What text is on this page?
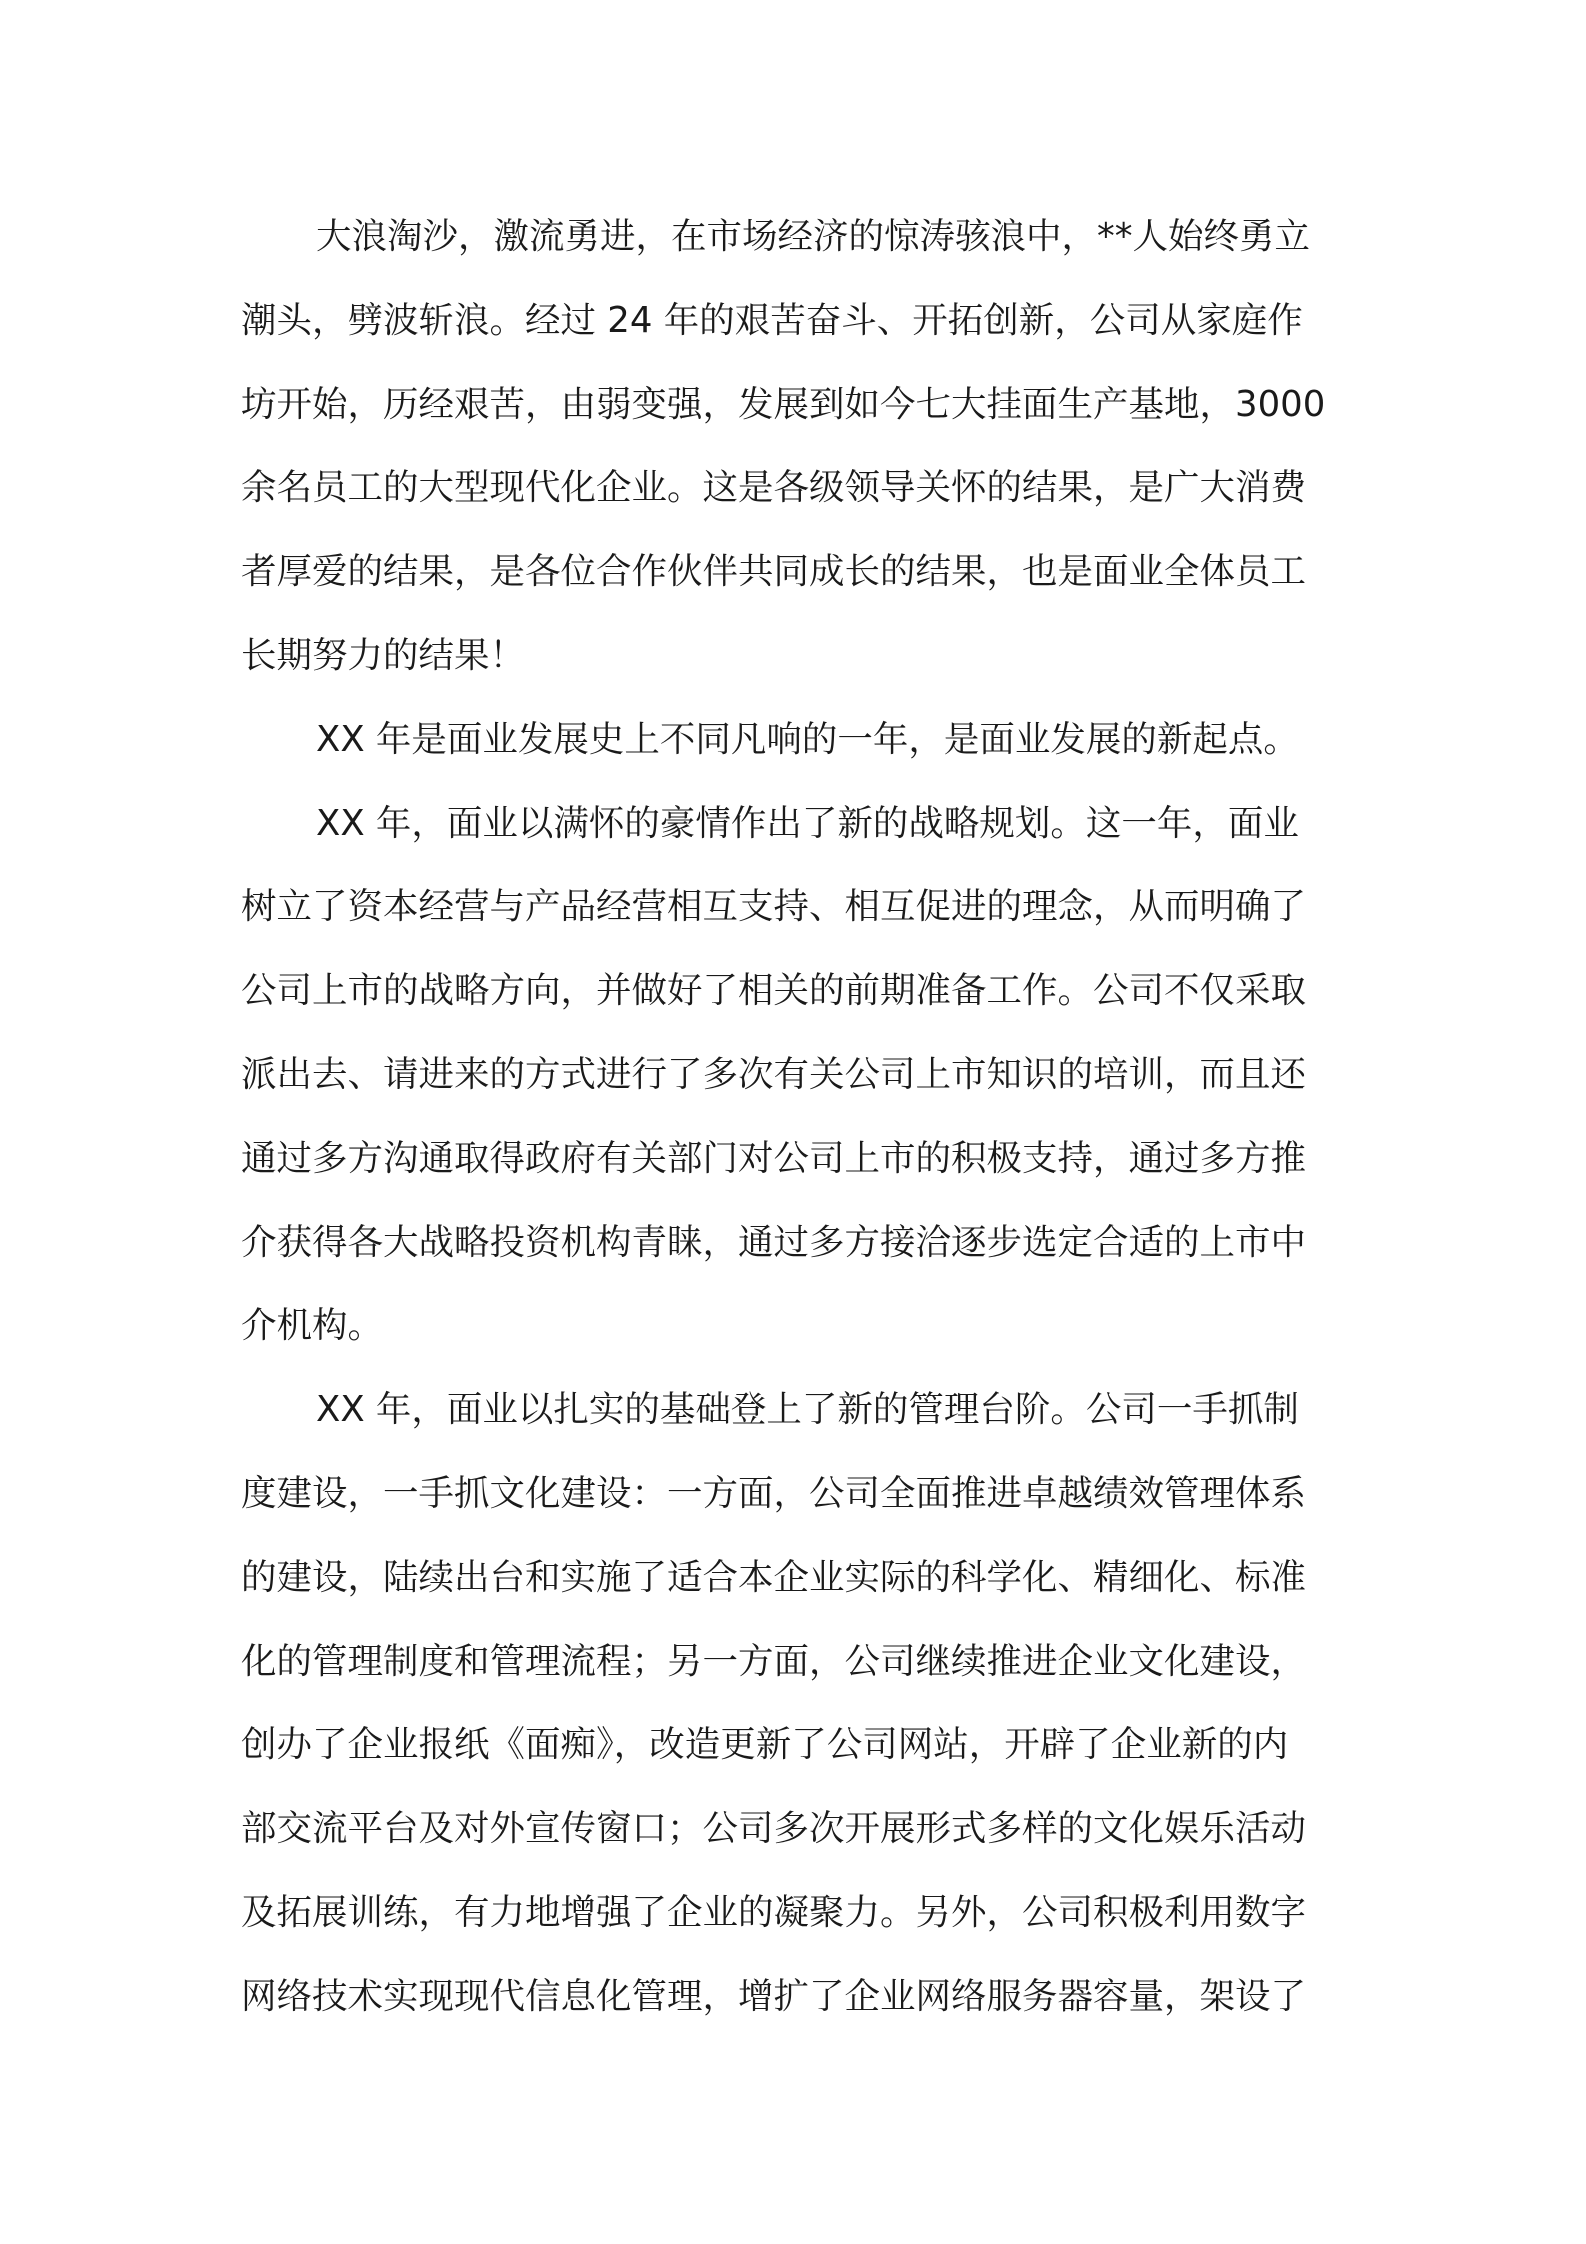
大浪淘沙，激流勇进，在市场经济的惊涛骇浪中，**人始终勇立
潮头，劈波斩浪。经过 24 年的艰苦奋斗、开拓创新，公司从家庭作
坊开始，历经艰苦，由弱变强，发展到如今七大挂面生产基地，3000
余名员工的大型现代化企业。这是各级领导关怀的结果，是广大消费
者厚爱的结果，是各位合作伙伴共同成长的结果，也是面业全体员工
长期努力的结果！
XX 年是面业发展史上不同凡响的一年，是面业发展的新起点。
XX 年，面业以满怀的豪情作出了新的战略规划。这一年，面业
树立了资本经营与产品经营相互支持、相互促进的理念，从而明确了
公司上市的战略方向，并做好了相关的前期准备工作。公司不仅采取
派出去、请进来的方式进行了多次有关公司上市知识的培训，而且还
通过多方沟通取得政府有关部门对公司上市的积极支持，通过多方推
介获得各大战略投资机构青睐，通过多方接洽逐步选定合适的上市中
介机构。
XX 年，面业以扎实的基础登上了新的管理台阶。公司一手抓制
度建设，一手抓文化建设：一方面，公司全面推进卓越绩效管理体系
的建设，陆续出台和实施了适合本企业实际的科学化、精细化、标准
化的管理制度和管理流程；另一方面，公司继续推进企业文化建设，
创办了企业报纸《面痴》，改造更新了公司网站，开辟了企业新的内
部交流平台及对外宣传窗口；公司多次开展形式多样的文化娱乐活动
及拓展训练，有力地增强了企业的凝聚力。另外，公司积极利用数字
网络技术实现现代信息化管理，增扩了企业网络服务器容量，架设了
